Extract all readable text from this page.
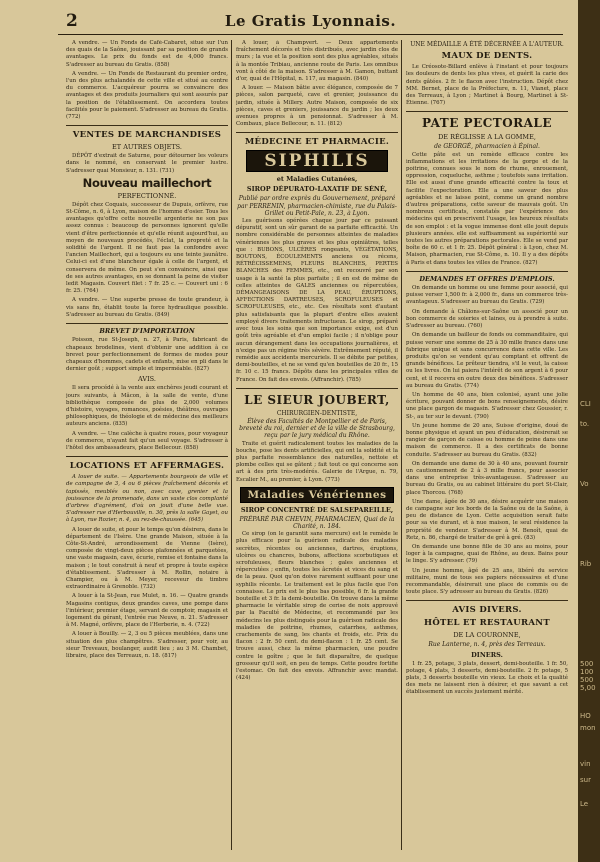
2	Le Gratis Lyonnais.

A vendre. — Un Fonds de Café-Cabaret, situé sur l'un des quais de la Saône, jouissant par sa position de grands avantages. Le prix du fonds est de 4,000 francs. S'adresser au bureau du Gratis. (858)

A vendre. — Un Fonds de Restaurant du premier ordre, l'un des plus achalandés de cette ville et situé au centre du commerce. L'acquéreur pourra se convaincre des avantages et des produits journaliers qui sont assurés par la position de l'établissement. On accordera toutes facilités pour le paiement. S'adresser au bureau du Gratis. (772)

VENTES DE MARCHANDISES
ET AUTRES OBJETS.

DÉPÔT d'extrait de Saturne, pour détourner les voleurs dans le nommé, en conservant le premier lustre. S'adresser quai Monsieur, n. 131. (731)

Nouveau maillechort
PERFECTIONNÉ.

Dépôt chez Coquais, successeur de Dupuis, orfèvre, rue St-Côme, n. 6, à Lyon, maison de l'homme d'osier. Tous les avantages qu'offre cette nouvelle argenterie ne son pas assez connus : beaucoup de personnes ignorent qu'elle vient d'être perfectionnée et qu'elle réunit aujourd'hui, au moyen de nouveaux procédés, l'éclat, la propreté et la solidité de l'argent. Il ne faut pas la confondre avec l'ancien Maillechort, qui a toujours eu une teinte jaunâtre. Celui-ci est d'une blancheur égale à celle de l'argent, et conservera de même. On peut s'en convaincre, ainsi que de ses autres avantages, en se donnant la peine de visiter ledit Magasin. Couvert filet : 7 fr. 25 c. — Couvert uni : 6 fr. 25. (764)

A vendre. — Une superbe presse de toute grandeur, à vis sans fin, établit toute la force hydraulique possible. S'adresser au bureau du Gratis. (849)

BREVET D'IMPORTATION

Poisson, rue St-Joseph, n. 27, à Paris, fabricant de chapeaux brodelines, vient d'obtenir une addition à ce brevet pour perfectionnement de formes de modes pour chapeaux d'hommes, cadets et enfants, mise en pli dans le dernier goût ; support simple et imperméable. (827)

AVIS.

Il sera procédé à la vente aux enchères jeudi courant et jours suivants, à Mâcon, à la salle de vente, d'une bibliothèque composée de plus de 2,000 volumes d'histoire, voyages, romances, poésies, théâtres, ouvrages philosophiques, de théologie et de médecine des meilleurs auteurs anciens. (835)

A vendre. — Une calèche à quatre roues, pour voyageur de commerce, n'ayant fait qu'un seul voyage. S'adresser à l'hôtel des ambassadeurs, place Bellecour. (858)

LOCATIONS ET AFFERMAGES.

A louer de suite. — Appartements bourgeois de ville et de campagne de 3, 4 ou 6 pièces fraîchement décorés et tapissés, meublés ou non, avec cave, grenier et la jouissance de la promenade, dans un vaste clos complanté d'arbres d'agrément, d'où on jouit d'une belle vue. S'adresser rue d'Herbouville, n. 30, près la salle Gayet, ou à Lyon, rue Rozier, n. 4, au rez-de-chaussée. (645)

A louer de suite, et pour le temps qu'on désirera, dans le département de l'Isère. Une grande Maison, située à la Côte-St-André, arrondissement de Vienne (Isère), composée de vingt-deux pièces plafonnées et parquetées, une vaste magasin, cave, écurie, remise et fontaine dans la maison ; le tout construit à neuf et propre à toute espèce d'établissement. S'adresser à M. Rollin, notaire à Champier, ou à M. Meyer, receveur du timbre extraordinaire à Grenoble. (732)

A louer à la St-Jean, rue Mulet, n. 16. — Quatre grands Magasins contigus, deux grandes caves, une pompe dans l'intérieur, premier étage, servant de comptoir, magasin et logement du gérant, l'entrée rue Neuve, n. 21. S'adresser à M. Magné, orfèvre, place de l'Herberie, n. 4. (722)

A louer à Bouilly. — 2, 3 ou 5 pièces meublées, dans une situation des plus champêtres. S'adresser, pour voir, au sieur Treveaux, boulanger, audit lieu ; au 3 M. Chambet, libraire, place des Terreaux, n. 18. (817)

A louer, à Champvert. — Deux appartements fraîchement décorés et très distribués, avec jardin clos de murs ; la vue et la position sont des plus agréables, situés à la montée Tribiau, ancienne route de Paris. Les omnibus vont à côté de la maison. S'adresser à M. Gamon, buttant d'or, quai de l'Hôpital, n. 117, au magasin. (840)

A louer. — Maison bâtie avec élégance, composée de 7 pièces, salon parqueté, cave et grenier, jouissance du jardin, située à Millery. Autre Maison, composée de six pièces, caves et greniers, jouissance du jardin ; les deux avenues propres à un pensionnat. S'adresser à M. Combaux, place Bellecour, n. 11. (812)

MÉDECINE ET PHARMACIE.
SIPHILIS
et Maladies Cutanées,
SIROP DÉPURATO-LAXATIF DE SÉNÉ,
Publié par ordre exprès du Gouvernement, préparé par PERRENIN, pharmacien-chimiste, rue du Palais-Grillet ou Petit-Pale, n. 23, à Lyon.

Les guérisons opérées chaque jour par ce puissant dépuratif, sont un sûr garant de sa parfaite efficacité. Un nombre considérable de personnes atteintes de maladies vénériennes les plus graves et les plus opiniâtres, telles que : BUBONS, ULCÈRES rongeants, VÉGÉTATIONS, BOUTONS, ÉCOULEMENTS anciens ou récens, RÉTRÉCISSEMENS, FLEURS BLANCHES, PERTES BLANCHES des FEMMES, etc., ont recouvré par son usage à la santé la plus parfaite ; il en est de même de celles atteintes de GALES anciennes ou répercutées, DÉMANGEAISONS DE LA PEAU, ÉRUPTIONS, AFFECTIONS DARTREUSES, SCROFULEUSES et SCROFULEUSES, etc., etc. Ces résultats sont d'autant plus satisfaisants que la plupart d'entre elles avaient employé divers traitements infructueux. Le sirop, préparé avec tous les soins que son importance exige, est d'un goût très agréable et d'un emploi facile ; il n'oblige pour aucun dérangement dans les occupations journalières, et n'exige pas un régime très sévère. Extrêmement réputé, il remédie aux accidents mercuriels. Il se débite par petites, demi-bouteilles, et ne se vend qu'en bouteilles de 20 fr., 15 fr. 10 c. 15 francs. Dépôts dans les principales villes de France. On fait des envois. (Affranchir). (785)

LE SIEUR JOUBERT,
CHIRURGIEN-DENTISTE,
Élève des Facultés de Montpellier et de Paris, breveté du roi, dernier et de la ville de Strasbourg, reçu par le jury médical du Rhône.

Traite et guérit radicalement toutes les maladies de la bouche, pose les dents artificielles, qui ont la solidité et la plus parfaite ressemblance des naturelles, nettoie et plombe celles qui se gâtent ; fait tout ce qui concerne son art à des prix très-modérés. Galerie de l'Argue, n. 79, Escalier M., au premier, à Lyon. (773)

Maladies Vénériennes
SIROP CONCENTRÉ DE SALSEPAREILLE,
PRÉPARÉ PAR CHEVIN, PHARMACIEN, Quai de la Charité, n. 184.

Ce sirop (on le garantit sans mercure) est le remède le plus efficace pour la guérison radicale des maladies secrètes, récentes ou anciennes, dartres, éruptions, ulcères ou chancres, bubons, affections scorbutiques et scrofuleuses, fleurs blanches ; gales anciennes et répercutées ; enfin, toutes les âcretés et vices du sang et de la peau. Quoi qu'on doive rarement suffisant pour une syphilis récente. Le traitement est le plus facile que l'on connaisse. Le prix est le plus bas possible, 6 fr. la grande bouteille et 3 fr. la demi-bouteille. On trouve dans la même pharmacie le véritable sirop de cerise de noix approuvé par la Faculté de Médecine, et recommandé par les médecins les plus distingués pour la guérison radicale des maladies de poitrine, rhumes, catarrhes, asthmes, crachements de sang, les chants et froids, etc. Prix du flacon : 2 fr. 50 cent. du demi-flacon : 1 fr. 25 cent. Se trouve aussi, chez la même pharmacien, une poudre contre le goître ; que le fait disparaître, de quelque grosseur qu'il soit, en peu de temps. Cette poudre fortifie l'estomac. On fait des envois. Affranchir avec mandat. (424)

UNE MÉDAILLE A ÉTÉ DÉCERNÉE A L'AUTEUR.
MAUX DE DENTS.

Le Créosote-Billard enlève à l'instant et pour toujours les douleurs de dents les plus vives, et guérit la carie des dents gâtées. 2 fr. le flacon avec l'instruction. Dépôt chez MM. Bernet, place de la Préfecture, n. 11, Vianet, place des Terreaux, à Lyon ; Martinet à Bourg, Martinet à St-Étienne. (767)

PATE PECTORALE
DE RÉGLISSE A LA GOMME,
de GEORGÉ, pharmacien à Épinal.

Cette pâte est un remède efficace contre les inflammations et les irritations de la gorge et de la poitrine, connues sous le nom de rhume, enrouement, oppression, coqueluche, asthme ; toutefois sans irritation. Elle est aussi d'une grande efficacité contre la toux et facilite l'expectoration. Elle a une saveur des plus agréables et ne laisse point, comme un grand nombre d'autres préparations, cette saveur de mauvais goût. Un nombreux certificats, constatés par l'expérience des médecins qui en prescrivent l'usage, les heureux résultats de son emploi : et la vogue immense dont elle jouit depuis plusieurs années. elle est suffisamment sa supériorité sur toutes les autres préparations pectorales. Elle se vend par boîte de 60 c. et 1 fr. 25. Dépôt général : à Lyon, chez M. Maison, pharmacien, rue St-Côme, n. 10. Il y a des dépôts à Paris et dans toutes les villes de France. (827)

DEMANDES ET OFFRES D'EMPLOIS.

On demande un homme ou une femme pour associé, qui puisse verser 1,500 fr. à 2,000 fr., dans un commerce très-avantageux. S'adresser au bureau du Gratis. (729)

On demande à Châlons-sur-Saône un associé pour un bon commerce de soieries et laines, ou à prendre à suite. S'adresser au bureau. (760)

On demande un bailleur de fonds ou commanditaire, qui puisse verser une somme de 25 à 30 mille francs dans une fabrique unique et sans concurrence dans cette ville. Les produits qu'on se vendent qu'au comptant et offrent de grands bénéfices. Le prêteur tiendra, s'il le veut, la caisse ou les livres. On lui paiera l'intérêt de son argent à 6 pour cent, et il recevra en outre deux des bénéfices. S'adresser au bureau du Gratis. (774)

Un homme de 40 ans, bien colonisé, ayant une jolie écriture, pouvant donner de bons renseignements, désire une place gargon de magasin. S'adresser chez Goussier, r. St-, au ter sur le devant. (790)

Un jeune homme de 20 ans, Suisse d'origine, doué de bonne physique et ayant un peu d'éducation, désirerait se rangier de garçon de caisse ou homme de peine dans une maison de commerce. Il a des certificats de bonne conduite. S'adresser au bureau du Gratis. (832)

On demande une dame de 30 à 40 ans, pouvant fournir un cautionnement de 2 à 3 mille francs, pour associer dans une entreprise très-avantageuse. S'adresser au bureau du Gratis, ou au cabinet littéraire du port St-Clair, place Thorcou. (768)

Une dame, âgée de 30 ans, désire acquérir une maison de campagne sur les bords de la Saône ou de la Saône, à peu de distance de Lyon. Cette acquisition serait faite pour sa vie durant, et à nue maison, le seul résidence la propriété de vendeur. S'adresser à M. Benoît, quai de Retz, n. 86, chargé de traiter de gré à gré. (83)

On demande une bonne fille de 30 ans au moins, pour loger à la campagne, quai de Rhône, au deux. Bains pour le linge. S'y adresser. (79)

Un jeune homme, âgé de 25 ans, libéré du service militaire, muni de tous ses papiers nécessaires et d'une recommandable, désirerait une place de commis ou de toute place. S'y adresser au bureau du Gratis. (826)

AVIS DIVERS.
HÔTEL ET RESTAURANT
DE LA COURONNE,
Rue Lanterne, n. 4, près des Terreaux.
DINERS.

1 fr. 25, potage, 3 plats, dessert, demi-bouteille. 1 fr. 50, potage, 4 plats, 3 desserts, demi-bouteille. 2 fr. potage, 5 plats, 3 desserts bouteille vin vieux. Le choix et la qualité des mets ne laissent rien à désirer, et que savant a cet établissement un succès justement mérité.

CLI
to.
Vo
Rib
500
100
500
5,00
HO
mon
vin
sur
Le
